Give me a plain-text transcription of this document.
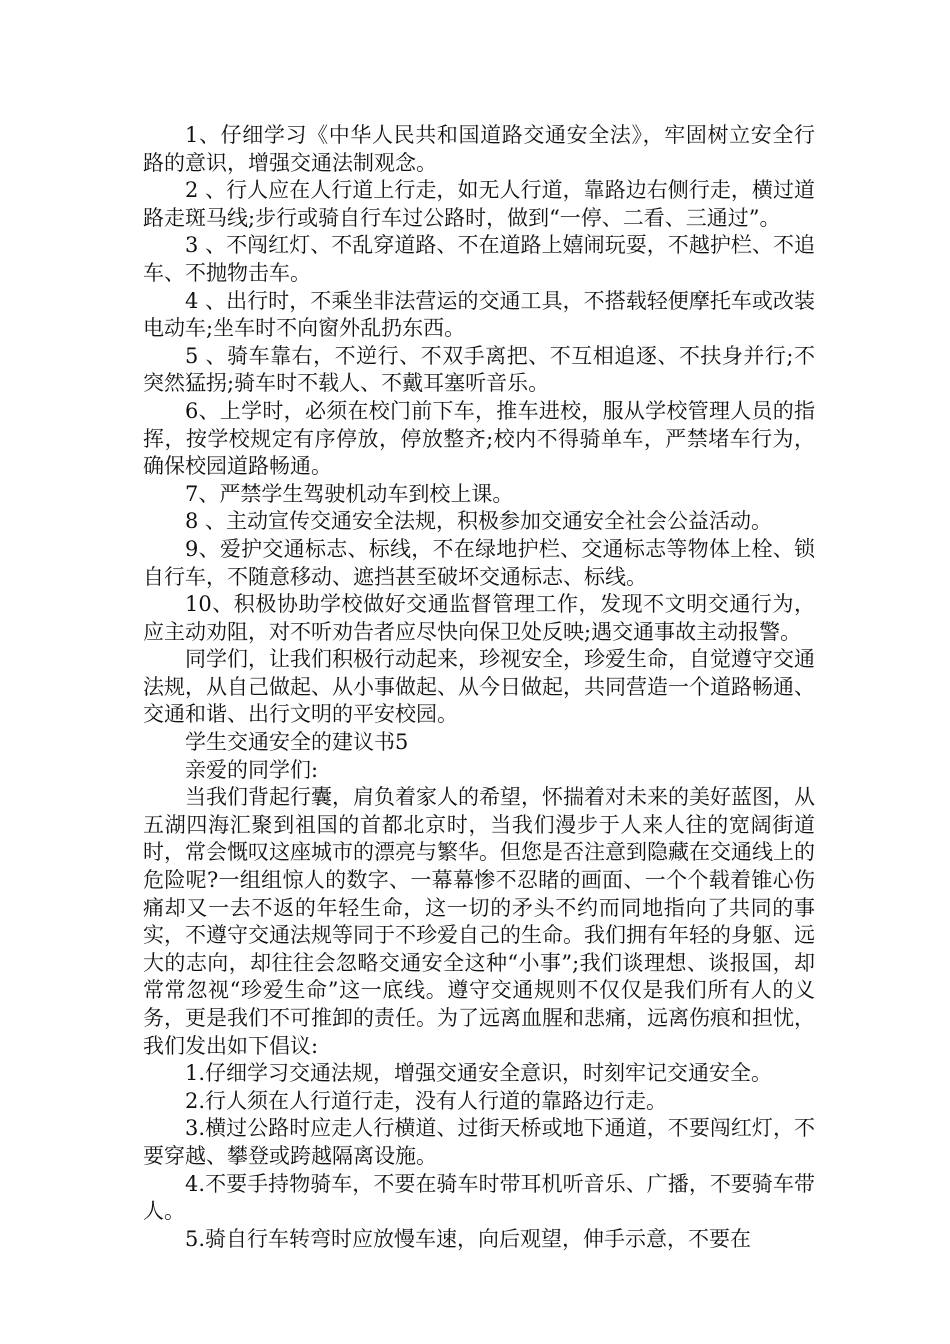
1、仔细学习《中华人民共和国道路交通安全法》，牢固树立安全行路的意识，增强交通法制观念。

2 、行人应在人行道上行走，如无人行道，靠路边右侧行走，横过道路走斑马线;步行或骑自行车过公路时，做到“一停、二看、三通过”。

3 、不闯红灯、不乱穿道路、不在道路上嬉闹玩耍，不越护栏、不追车、不抛物击车。

4 、出行时，不乘坐非法营运的交通工具，不搭载轻便摩托车或改装电动车;坐车时不向窗外乱扔东西。

5 、骑车靠右，不逆行、不双手离把、不互相追逐、不扶身并行;不突然猛拐;骑车时不载人、不戴耳塞听音乐。

6、上学时，必须在校门前下车，推车进校，服从学校管理人员的指挥，按学校规定有序停放，停放整齐;校内不得骑单车，严禁堵车行为，确保校园道路畅通。

7、严禁学生驾驶机动车到校上课。

8 、主动宣传交通安全法规，积极参加交通安全社会公益活动。

9、爱护交通标志、标线，不在绿地护栏、交通标志等物体上栓、锁自行车，不随意移动、遮挡甚至破坏交通标志、标线。

10、积极协助学校做好交通监督管理工作，发现不文明交通行为，应主动劝阻，对不听劝告者应尽快向保卫处反映;遇交通事故主动报警。

同学们，让我们积极行动起来，珍视安全，珍爱生命，自觉遵守交通法规，从自己做起、从小事做起、从今日做起，共同营造一个道路畅通、交通和谐、出行文明的平安校园。

学生交通安全的建议书5

亲爱的同学们:

当我们背起行囊，肩负着家人的希望，怀揣着对未来的美好蓝图，从五湖四海汇聚到祖国的首都北京时，当我们漫步于人来人往的宽阔街道时，常会慨叹这座城市的漂亮与繁华。但您是否注意到隐藏在交通线上的危险呢?一组组惊人的数字、一幕幕惨不忍睹的画面、一个个载着锥心伤痛却又一去不返的年轻生命，这一切的矛头不约而同地指向了共同的事实，不遵守交通法规等同于不珍爱自己的生命。我们拥有年轻的身躯、远大的志向，却往往会忽略交通安全这种“小事”;我们谈理想、谈报国，却常常忽视“珍爱生命”这一底线。遵守交通规则不仅仅是我们所有人的义务，更是我们不可推卸的责任。为了远离血腥和悲痛，远离伤痕和担忧，我们发出如下倡议:

1.仔细学习交通法规，增强交通安全意识，时刻牢记交通安全。

2.行人须在人行道行走，没有人行道的靠路边行走。

3.横过公路时应走人行横道、过街天桥或地下通道，不要闯红灯，不要穿越、攀登或跨越隔离设施。

4.不要手持物骑车，不要在骑车时带耳机听音乐、广播，不要骑车带人。

5.骑自行车转弯时应放慢车速，向后观望，伸手示意，不要在
